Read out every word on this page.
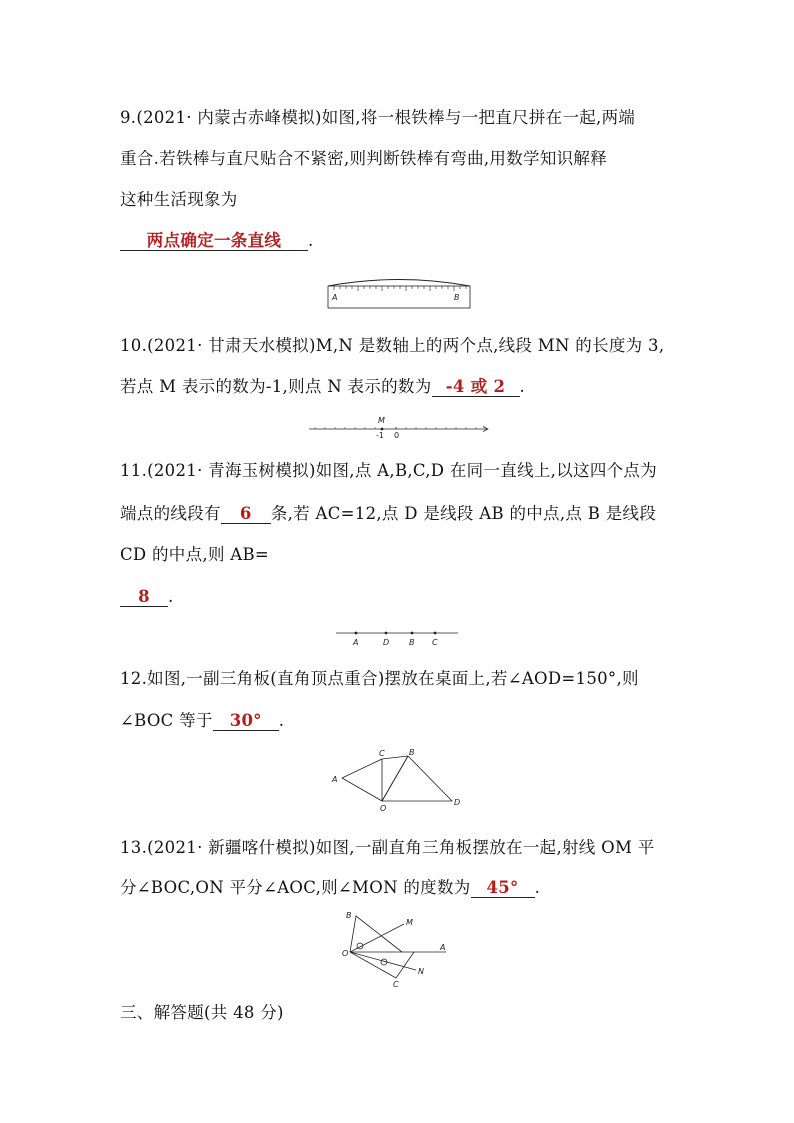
9.(2021· 内蒙古赤峰模拟)如图,将一根铁棒与一把直尺拼在一起,两端
重合.若铁棒与直尺贴合不紧密,则判断铁棒有弯曲,用数学知识解释
这种生活现象为
两点确定一条直线 .
A	B
10.(2021· 甘肃天水模拟)M,N 是数轴上的两个点,线段 MN 的长度为 3,
若点 M 表示的数为-1,则点 N 表示的数为 -4 或 2 .
M
-1 0
11.(2021· 青海玉树模拟)如图,点 A,B,C,D 在同一直线上,以这四个点为
端点的线段有 6 条,若 AC=12,点 D 是线段 AB 的中点,点 B 是线段
CD 的中点,则 AB=
8 .
A	D B C
12.如图,一副三角板(直角顶点重合)摆放在桌面上,若∠AOD=150°,则
∠BOC 等于 30° .
A
C	B
D
O
13.(2021· 新疆喀什模拟)如图,一副直角三角板摆放在一起,射线 OM 平
分∠BOC,ON 平分∠AOC,则∠MON 的度数为 45° .
B
M
O
A
N
C
三、解答题(共 48 分)
